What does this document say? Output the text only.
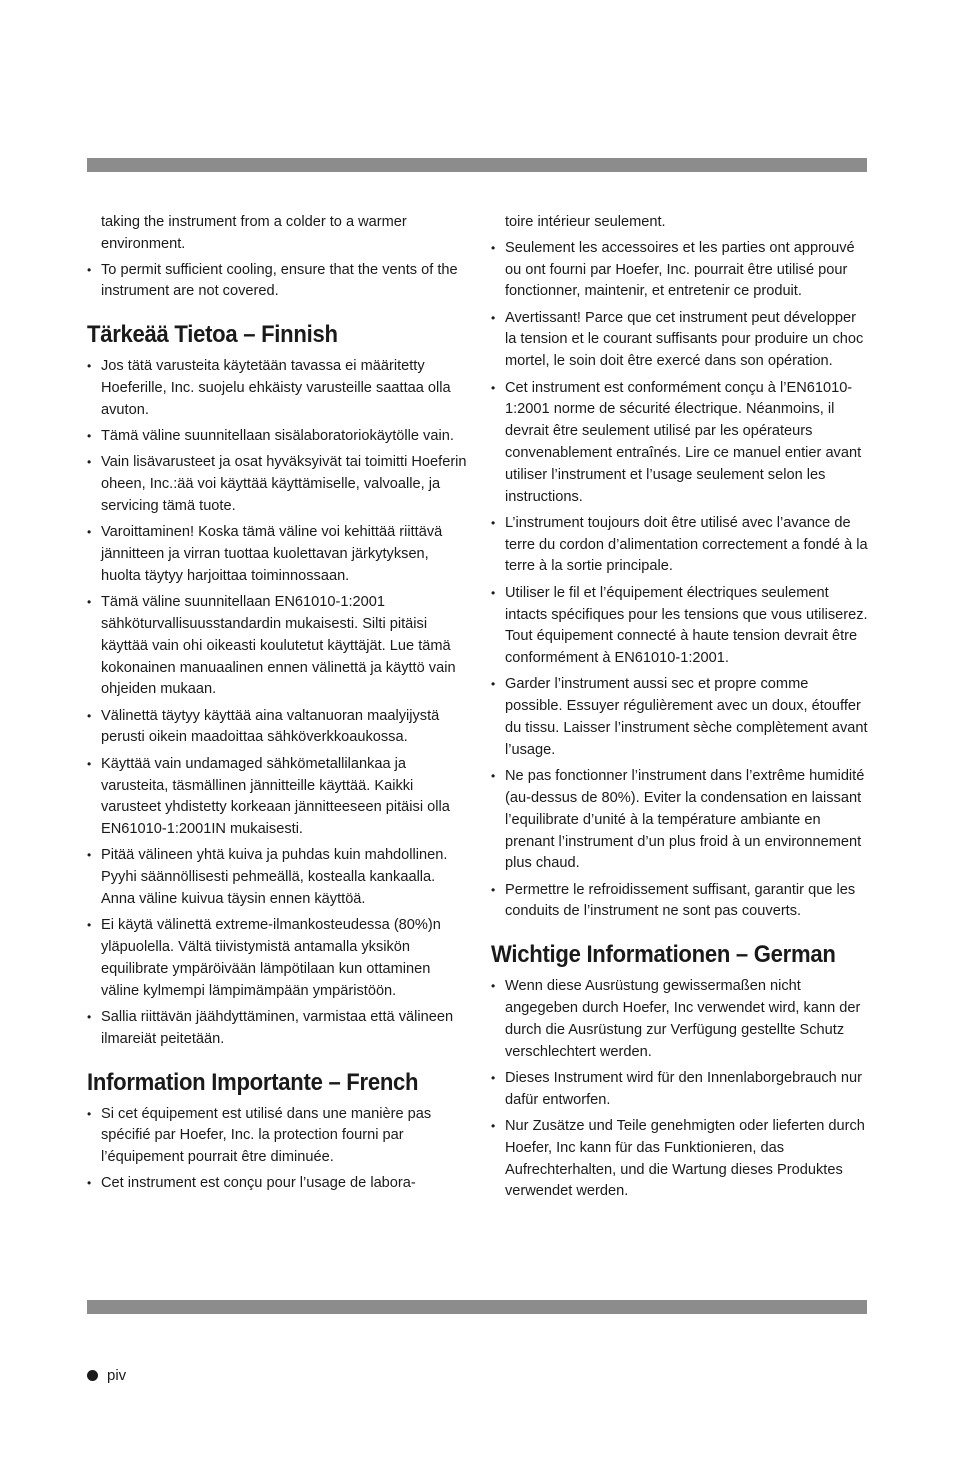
taking the instrument from a colder to a warmer environment.

• To permit sufficient cooling, ensure that the vents of the instrument are not covered.
Tärkeää Tietoa – Finnish
• Jos tätä varusteita käytetään tavassa ei määritetty Hoeferille, Inc. suojelu ehkäisty varusteille saattaa olla avuton.
• Tämä väline suunnitellaan sisälaboratoriokäytölle vain.
• Vain lisävarusteet ja osat hyväksyivät tai toimitti Hoeferin oheen, Inc.:ää voi käyttää käyttämiselle, valvoalle, ja servicing tämä tuote.
• Varoittaminen! Koska tämä väline voi kehittää riittävä jännitteen ja virran tuottaa kuolettavan järkytyksen, huolta täytyy harjoittaa toiminnossaan.
• Tämä väline suunnitellaan EN61010-1:2001 sähköturvallisuusstandardin mukaisesti. Silti pitäisi käyttää vain ohi oikeasti koulutetut käyttäjät. Lue tämä kokonainen manuaalinen ennen välinettä ja käyttö vain ohjeiden mukaan.
• Välinettä täytyy käyttää aina valtanuoran maalyijystä perusti oikein maadoittaa sähköverkkoaukossa.
• Käyttää vain undamaged sähkömetallilankaa ja varusteita, täsmällinen jännitteille käyttää. Kaikki varusteet yhdistetty korkeaan jännitteeseen pitäisi olla EN61010-1:2001IN mukaisesti.
• Pitää välineen yhtä kuiva ja puhdas kuin mahdollinen. Pyyhi säännöllisesti pehmeällä, kostealla kankaalla. Anna väline kuivua täysin ennen käyttöä.
• Ei käytä välinettä extreme-ilmankosteudessa (80%)n yläpuolella. Vältä tiivistymistä antamalla yksikön equilibrate ympäröivään lämpötilaan kun ottaminen väline kylmempi lämpimämpään ympäristöön.
• Sallia riittävän jäähdyttäminen, varmistaa että välineen ilmareiät peitetään.
Information Importante – French
• Si cet équipement est utilisé dans une manière pas spécifié par Hoefer, Inc. la protection fourni par l’équipement pourrait être diminuée.
• Cet instrument est conçu pour l’usage de labora-

toire intérieur seulement.

• Seulement les accessoires et les parties ont approuvé ou ont fourni par Hoefer, Inc. pourrait être utilisé pour fonctionner, maintenir, et entretenir ce produit.
• Avertissant! Parce que cet instrument peut développer la tension et le courant suffisants pour produire un choc mortel, le soin doit être exercé dans son opération.
• Cet instrument est conformément conçu à l’EN61010-1:2001 norme de sécurité électrique. Néanmoins, il devrait être seulement utilisé par les opérateurs convenablement entraînés. Lire ce manuel entier avant utiliser l’instrument et l’usage seulement selon les instructions.
• L’instrument toujours doit être utilisé avec l’avance de terre du cordon d’alimentation correctement a fondé à la terre à la sortie principale.
• Utiliser le fil et l’équipement électriques seulement intacts spécifiques pour les tensions que vous utiliserez. Tout équipement connecté à haute tension devrait être conformément à EN61010-1:2001.
• Garder l’instrument aussi sec et propre comme possible. Essuyer régulièrement avec un doux, étouffer du tissu. Laisser l’instrument sèche complètement avant l’usage.
• Ne pas fonctionner l’instrument dans l’extrême humidité (au-dessus de 80%). Eviter la condensation en laissant l’equilibrate d’unité à la température ambiante en prenant l’instrument d’un plus froid à un environnement plus chaud.
• Permettre le refroidissement suffisant, garantir que les conduits de l’instrument ne sont pas couverts.
Wichtige Informationen – German
• Wenn diese Ausrüstung gewissermaßen nicht angegeben durch Hoefer, Inc verwendet wird, kann der durch die Ausrüstung zur Verfügung gestellte Schutz verschlechtert werden.
• Dieses Instrument wird für den Innenlaborgebrauch nur dafür entworfen.
• Nur Zusätze und Teile genehmigten oder lieferten durch Hoefer, Inc kann für das Funktionieren, das Aufrechterhalten, und die Wartung dieses Produktes verwendet werden.
piv
